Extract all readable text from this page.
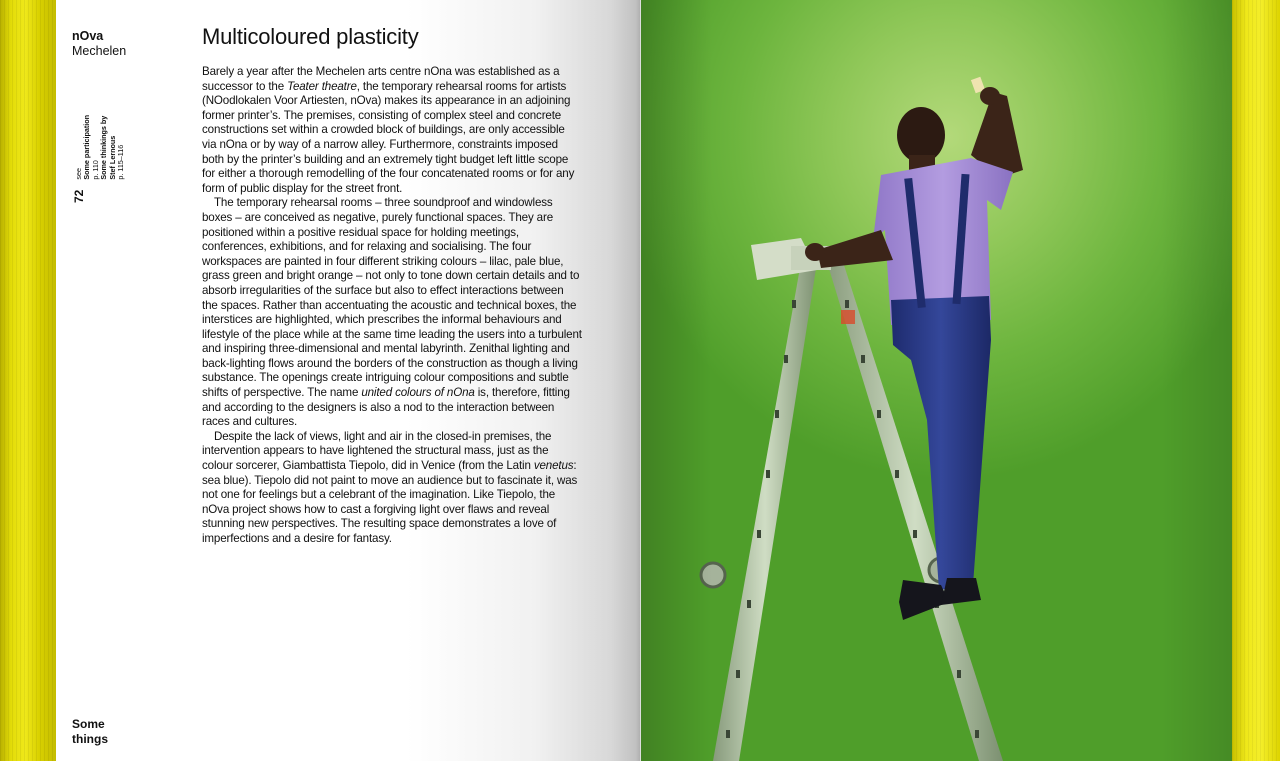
nOva
Mechelen
72
see Some participation p. 110 Some thinkings by Stef Lernous p. 115–116
Multicoloured plasticity

Barely a year after the Mechelen arts centre nOna was established as a successor to the Teater theatre, the temporary rehearsal rooms for artists (NOodlokalen Voor Artiesten, nOva) makes its appearance in an adjoining former printer’s. The premises, consisting of complex steel and concrete constructions set within a crowded block of buildings, are only accessible via nOna or by way of a narrow alley. Furthermore, constraints imposed both by the printer’s building and an extremely tight budget left little scope for either a thorough remodelling of the four concatenated rooms or for any form of public display for the street front.

The temporary rehearsal rooms – three soundproof and windowless boxes – are conceived as negative, purely functional spaces. They are positioned within a positive residual space for holding meetings, conferences, exhibitions, and for relaxing and socialising. The four workspaces are painted in four different striking colours – lilac, pale blue, grass green and bright orange – not only to tone down certain details and to absorb irregularities of the surface but also to effect interactions between the spaces. Rather than accentuating the acoustic and technical boxes, the interstices are highlighted, which prescribes the informal behaviours and lifestyle of the place while at the same time leading the users into a turbulent and inspiring three-dimensional and mental labyrinth. Zenithal lighting and back-lighting flows around the borders of the construction as though a living substance. The openings create intriguing colour compositions and subtle shifts of perspective. The name united colours of nOna is, therefore, fitting and according to the designers is also a nod to the interaction between races and cultures.

Despite the lack of views, light and air in the closed-in premises, the intervention appears to have lightened the structural mass, just as the colour sorcerer, Giambattista Tiepolo, did in Venice (from the Latin venetus: sea blue). Tiepolo did not paint to move an audience but to fascinate it, was not one for feelings but a celebrant of the imagination. Like Tiepolo, the nOva project shows how to cast a forgiving light over flaws and reveal stunning new perspectives. The resulting space demonstrates a love of imperfections and a desire for fantasy.

Some
things
